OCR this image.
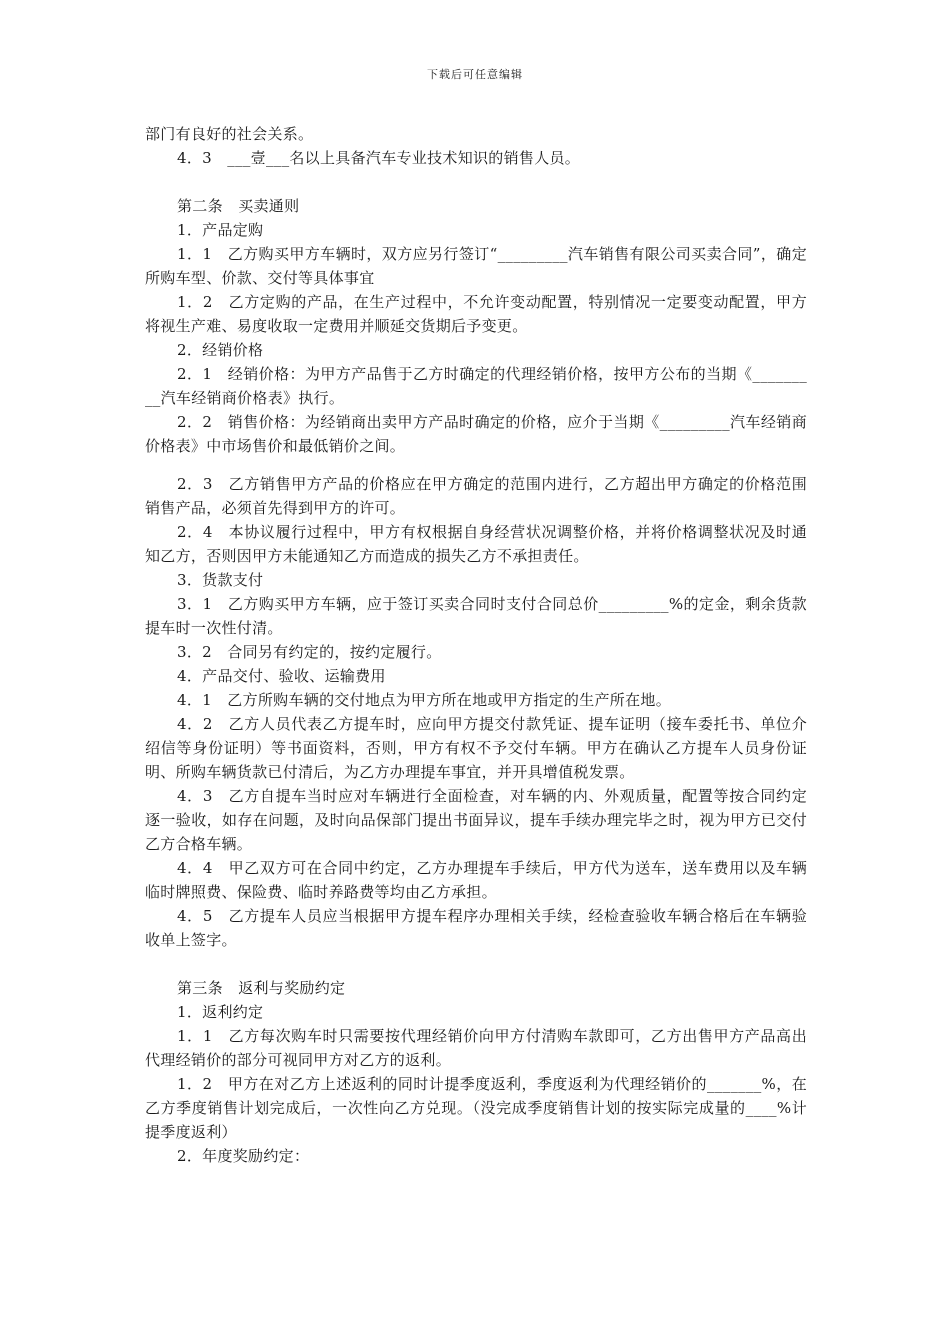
下载后可任意编辑

部门有良好的社会关系。

4．3　___壹___名以上具备汽车专业技术知识的销售人员。

第二条　买卖通则

1．产品定购

1．1　乙方购买甲方车辆时，双方应另行签订“_________汽车销售有限公司买卖合同”，确定所购车型、价款、交付等具体事宜

1．2　乙方定购的产品，在生产过程中，不允许变动配置，特别情况一定要变动配置，甲方将视生产难、易度收取一定费用并顺延交货期后予变更。

2．经销价格

2．1　经销价格：为甲方产品售于乙方时确定的代理经销价格，按甲方公布的当期《_________汽车经销商价格表》执行。

2．2　销售价格：为经销商出卖甲方产品时确定的价格，应介于当期《_________汽车经销商价格表》中市场售价和最低销价之间。

2．3　乙方销售甲方产品的价格应在甲方确定的范围内进行，乙方超出甲方确定的价格范围销售产品，必须首先得到甲方的许可。

2．4　本协议履行过程中，甲方有权根据自身经营状况调整价格，并将价格调整状况及时通知乙方，否则因甲方未能通知乙方而造成的损失乙方不承担责任。

3．货款支付

3．1　乙方购买甲方车辆，应于签订买卖合同时支付合同总价_________%的定金，剩余货款提车时一次性付清。

3．2　合同另有约定的，按约定履行。

4．产品交付、验收、运输费用

4．1　乙方所购车辆的交付地点为甲方所在地或甲方指定的生产所在地。

4．2　乙方人员代表乙方提车时，应向甲方提交付款凭证、提车证明（接车委托书、单位介绍信等身份证明）等书面资料，否则，甲方有权不予交付车辆。甲方在确认乙方提车人员身份证明、所购车辆货款已付清后，为乙方办理提车事宜，并开具增值税发票。

4．3　乙方自提车当时应对车辆进行全面检查，对车辆的内、外观质量，配置等按合同约定逐一验收，如存在问题，及时向品保部门提出书面异议，提车手续办理完毕之时，视为甲方已交付乙方合格车辆。

4．4　甲乙双方可在合同中约定，乙方办理提车手续后，甲方代为送车，送车费用以及车辆临时牌照费、保险费、临时养路费等均由乙方承担。

4．5　乙方提车人员应当根据甲方提车程序办理相关手续，经检查验收车辆合格后在车辆验收单上签字。

第三条　返利与奖励约定

1．返利约定

1．1　乙方每次购车时只需要按代理经销价向甲方付清购车款即可，乙方出售甲方产品高出代理经销价的部分可视同甲方对乙方的返利。

1．2　甲方在对乙方上述返利的同时计提季度返利，季度返利为代理经销价的_______%，在乙方季度销售计划完成后，一次性向乙方兑现。（没完成季度销售计划的按实际完成量的____%计提季度返利）

2．年度奖励约定：
